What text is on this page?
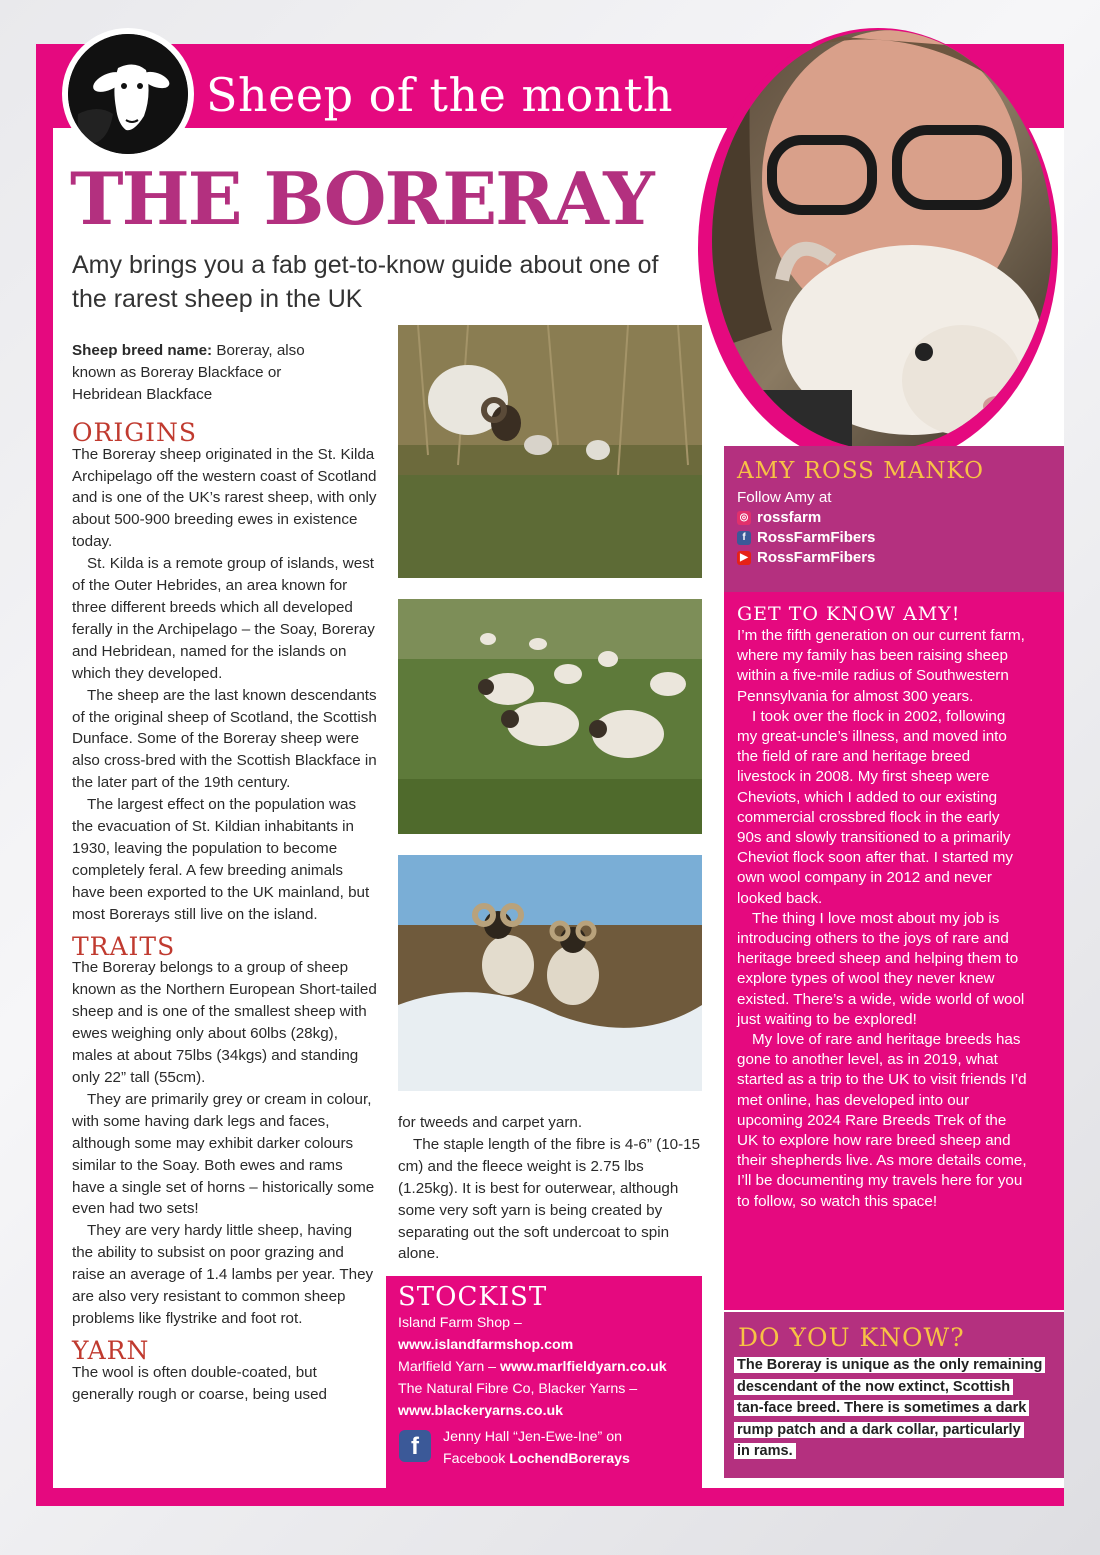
Sheep of the month
THE BORERAY
Amy brings you a fab get-to-know guide about one of the rarest sheep in the UK
AMY ROSS MANKO
Follow Amy at
◎ rossfarm
f RossFarmFibers
▶ RossFarmFibers
GET TO KNOW AMY!

I’m the fifth generation on our current farm, where my family has been raising sheep within a five-mile radius of Southwestern Pennsylvania for almost 300 years.

I took over the flock in 2002, following my great-uncle’s illness, and moved into the field of rare and heritage breed livestock in 2008. My first sheep were Cheviots, which I added to our existing commercial crossbred flock in the early 90s and slowly transitioned to a primarily Cheviot flock soon after that. I started my own wool company in 2012 and never looked back.

The thing I love most about my job is introducing others to the joys of rare and heritage breed sheep and helping them to explore types of wool they never knew existed. There’s a wide, wide world of wool just waiting to be explored!

My love of rare and heritage breeds has gone to another level, as in 2019, what started as a trip to the UK to visit friends I’d met online, has developed into our upcoming 2024 Rare Breeds Trek of the UK to explore how rare breed sheep and their shepherds live. As more details come, I’ll be documenting my travels here for you to follow, so watch this space!

DO YOU KNOW?
The Boreray is unique as the only remaining
descendant of the now extinct, Scottish
tan-face breed. There is sometimes a dark
rump patch and a dark collar, particularly
in rams.

Sheep breed name: Boreray, also known as Boreray Blackface or Hebridean Blackface

ORIGINS

The Boreray sheep originated in the St. Kilda Archipelago off the western coast of Scotland and is one of the UK’s rarest sheep, with only about 500-900 breeding ewes in existence today.

St. Kilda is a remote group of islands, west of the Outer Hebrides, an area known for three different breeds which all developed ferally in the Archipelago – the Soay, Boreray and Hebridean, named for the islands on which they developed.

The sheep are the last known descendants of the original sheep of Scotland, the Scottish Dunface. Some of the Boreray sheep were also cross-bred with the Scottish Blackface in the later part of the 19th century.

The largest effect on the population was the evacuation of St. Kildian inhabitants in 1930, leaving the population to become completely feral. A few breeding animals have been exported to the UK mainland, but most Borerays still live on the island.

TRAITS

The Boreray belongs to a group of sheep known as the Northern European Short-tailed sheep and is one of the smallest sheep with ewes weighing only about 60lbs (28kg), males at about 75lbs (34kgs) and standing only 22” tall (55cm).

They are primarily grey or cream in colour, with some having dark legs and faces, although some may exhibit darker colours similar to the Soay. Both ewes and rams have a single set of horns – historically some even had two sets!

They are very hardy little sheep, having the ability to subsist on poor grazing and raise an average of 1.4 lambs per year. They are also very resistant to common sheep problems like flystrike and foot rot.

YARN

The wool is often double-coated, but generally rough or coarse, being used

for tweeds and carpet yarn.

The staple length of the fibre is 4-6” (10-15 cm) and the fleece weight is 2.75 lbs (1.25kg). It is best for outerwear, although some very soft yarn is being created by separating out the soft undercoat to spin alone.

STOCKIST
Island Farm Shop –
www.islandfarmshop.com
Marlfield Yarn – www.marlfieldyarn.co.uk
The Natural Fibre Co, Blacker Yarns –
www.blackeryarns.co.uk
f	Jenny Hall “Jen-Ewe-Ine” on
Facebook LochendBorerays
